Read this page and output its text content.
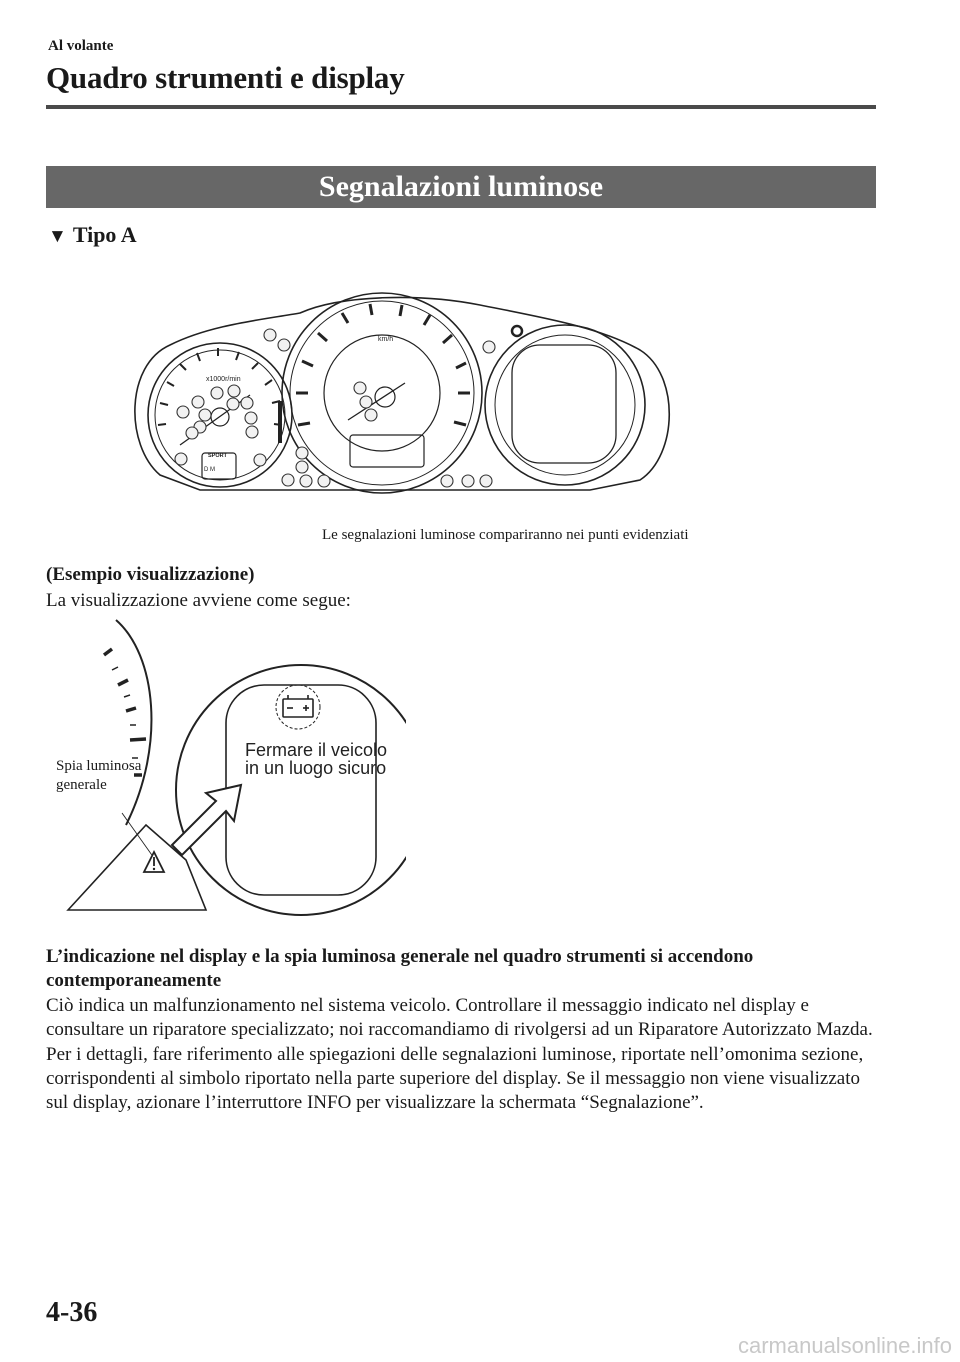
Al volante
Quadro strumenti e display
Segnalazioni luminose
▼ Tipo A
x1000r/min
km/h
SPORT
D M
Le segnalazioni luminose compariranno nei punti evidenziati
(Esempio visualizzazione)
La visualizzazione avviene come segue:
Spia luminosa generale
Fermare il veicolo in un luogo sicuro
L’indicazione nel display e la spia luminosa generale nel quadro strumenti si accendono contemporaneamente
Ciò indica un malfunzionamento nel sistema veicolo. Controllare il messaggio indicato nel display e consultare un riparatore specializzato; noi raccomandiamo di rivolgersi ad un Riparatore Autorizzato Mazda. Per i dettagli, fare riferimento alle spiegazioni delle segnalazioni luminose, riportate nell’omonima sezione, corrispondenti al simbolo riportato nella parte superiore del display. Se il messaggio non viene visualizzato sul display, azionare l’interruttore INFO per visualizzare la schermata “Segnalazione”.
4-36
carmanualsonline.info
